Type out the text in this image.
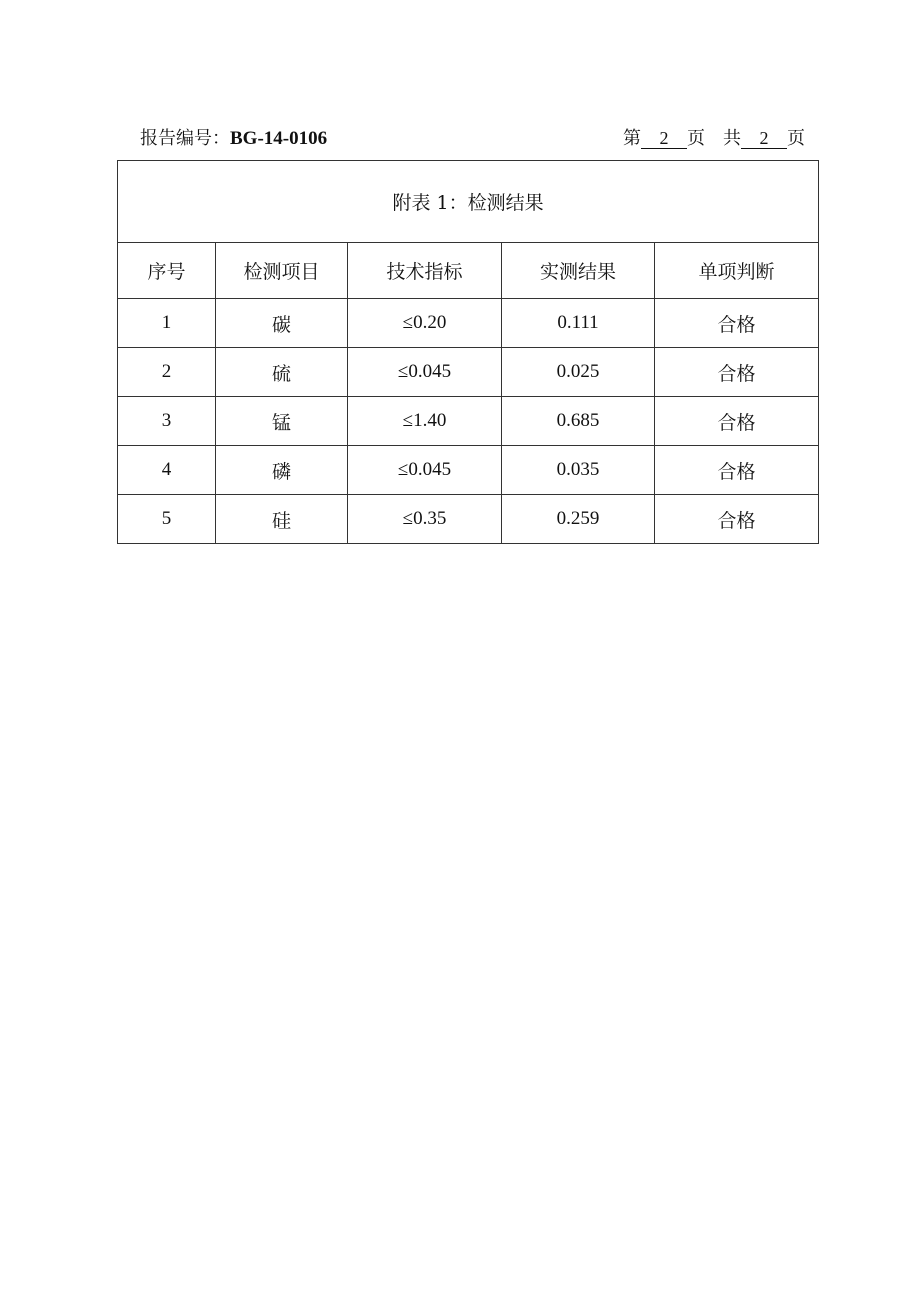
报告编号：BG-14-0106	第 2 页 共 2 页
附表 1：检测结果				
序号	检测项目	技术指标	实测结果	单项判断
1	碳	≤0.20	0.111	合格
2	硫	≤0.045	0.025	合格
3	锰	≤1.40	0.685	合格
4	磷	≤0.045	0.035	合格
5	硅	≤0.35	0.259	合格
